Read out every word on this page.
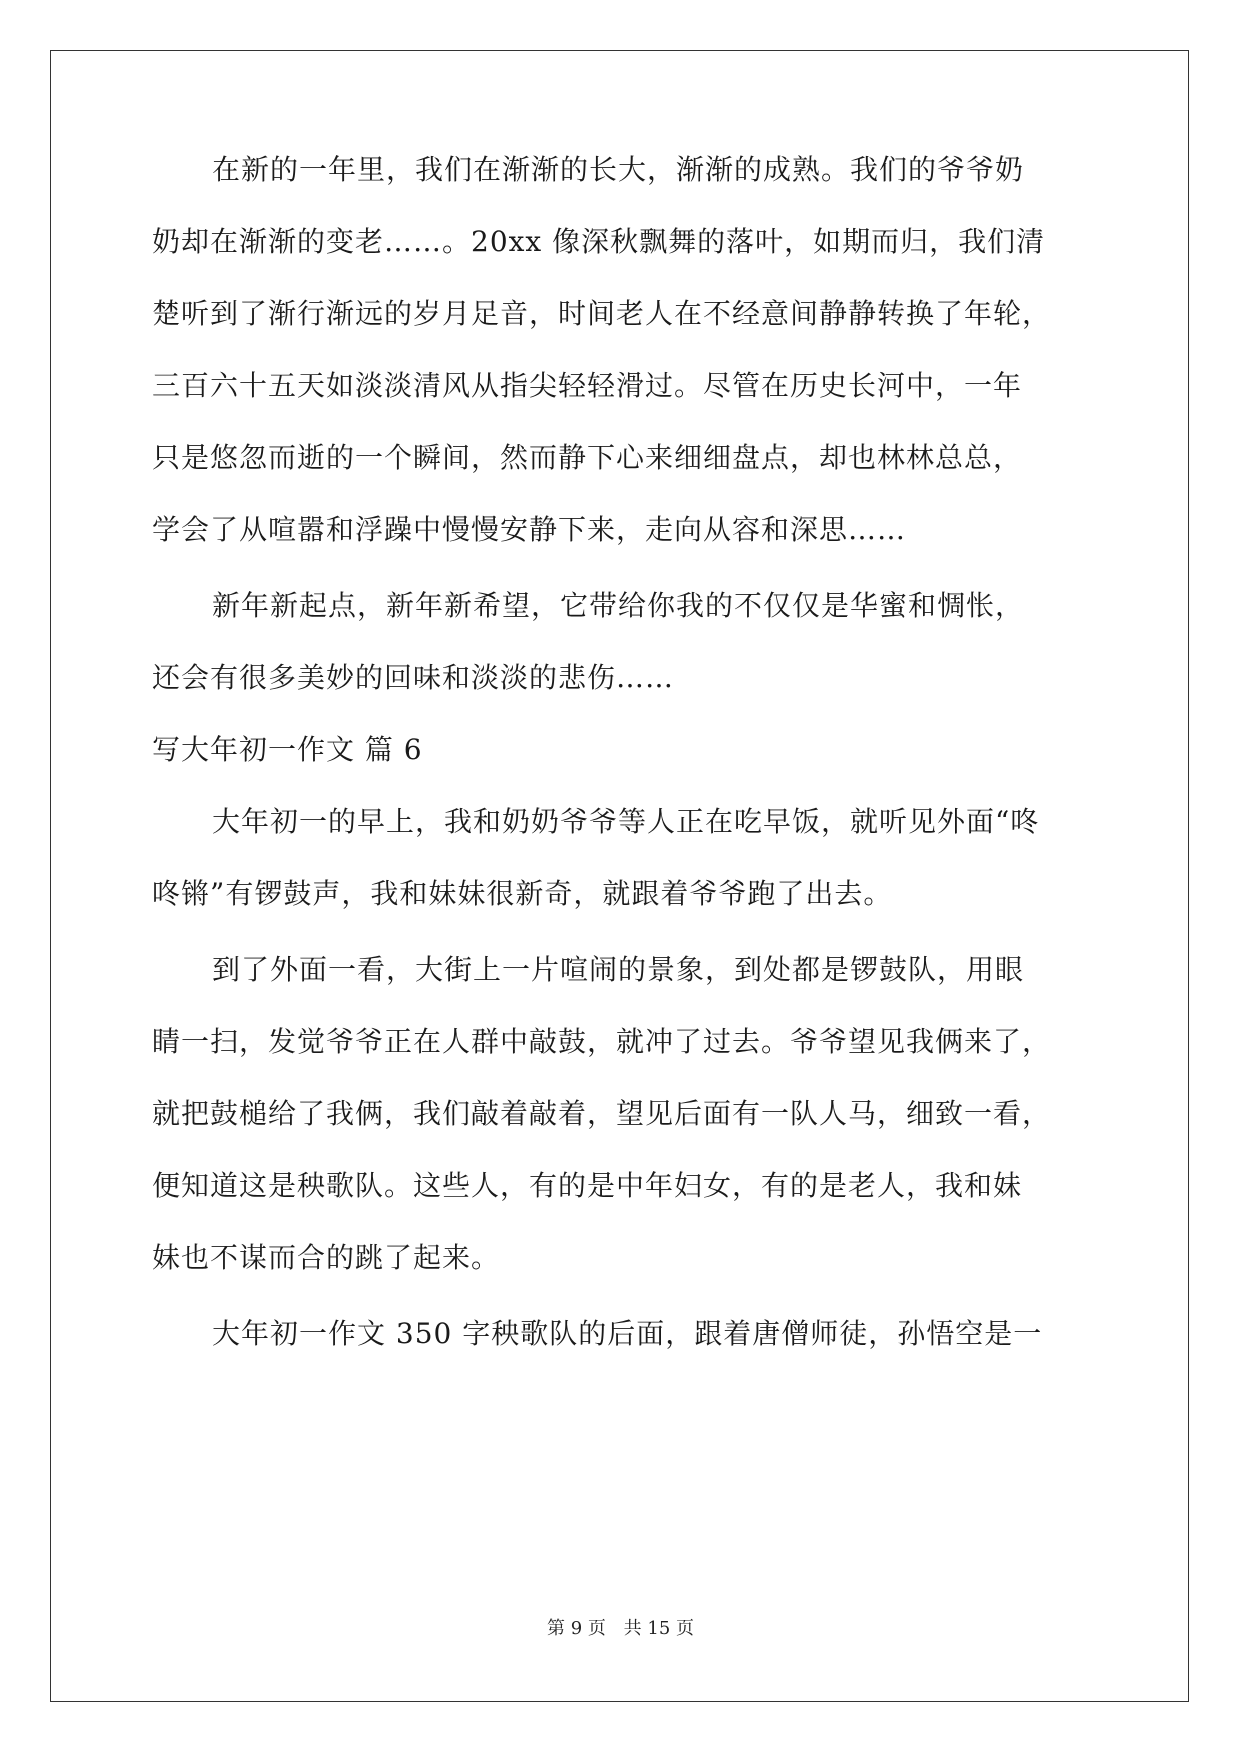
在新的一年里，我们在渐渐的长大，渐渐的成熟。我们的爷爷奶
奶却在渐渐的变老……。20xx 像深秋飘舞的落叶，如期而归，我们清
楚听到了渐行渐远的岁月足音，时间老人在不经意间静静转换了年轮，
三百六十五天如淡淡清风从指尖轻轻滑过。尽管在历史长河中，一年
只是悠忽而逝的一个瞬间，然而静下心来细细盘点，却也林林总总，
学会了从喧嚣和浮躁中慢慢安静下来，走向从容和深思……
新年新起点，新年新希望，它带给你我的不仅仅是华蜜和惆怅，
还会有很多美妙的回味和淡淡的悲伤……
写大年初一作文 篇 6
大年初一的早上，我和奶奶爷爷等人正在吃早饭，就听见外面“咚
咚锵”有锣鼓声，我和妹妹很新奇，就跟着爷爷跑了出去。
到了外面一看，大街上一片喧闹的景象，到处都是锣鼓队，用眼
睛一扫，发觉爷爷正在人群中敲鼓，就冲了过去。爷爷望见我俩来了，
就把鼓槌给了我俩，我们敲着敲着，望见后面有一队人马，细致一看，
便知道这是秧歌队。这些人，有的是中年妇女，有的是老人，我和妹
妹也不谋而合的跳了起来。
大年初一作文 350 字秧歌队的后面，跟着唐僧师徒，孙悟空是一
第 9 页 共 15 页
